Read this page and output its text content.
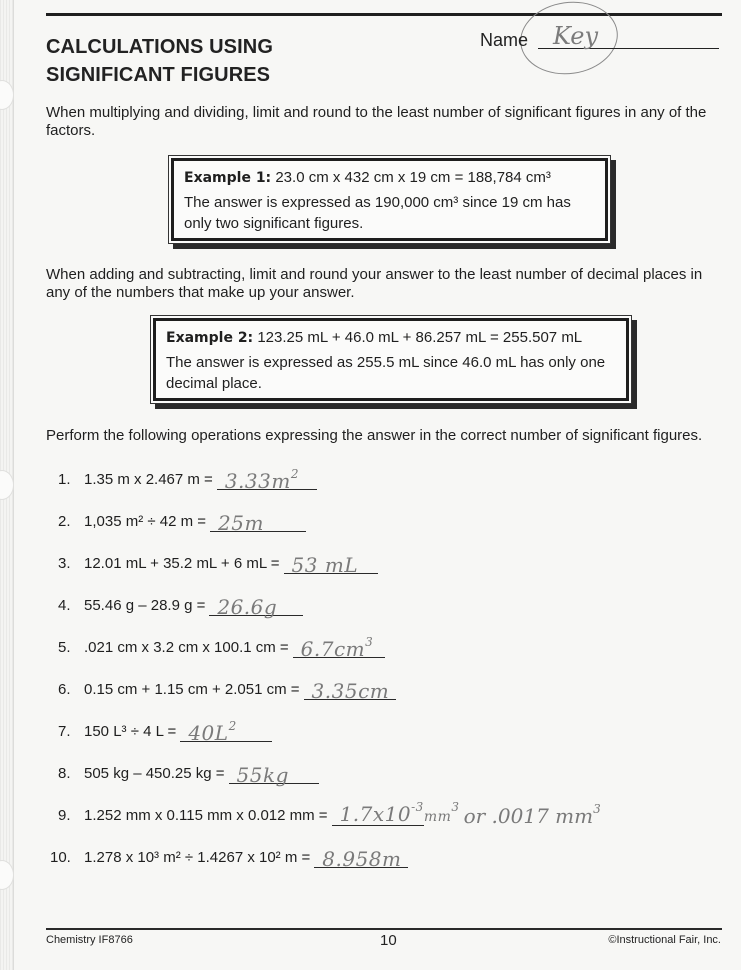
CALCULATIONS USING
SIGNIFICANT FIGURES
Name Key

When multiplying and dividing, limit and round to the least number of significant figures in any of the factors.

Example 1: 23.0 cm x 432 cm x 19 cm = 188,784 cm³
The answer is expressed as 190,000 cm³ since 19 cm has only two significant figures.

When adding and subtracting, limit and round your answer to the least number of decimal places in any of the numbers that make up your answer.

Example 2: 123.25 mL + 46.0 mL + 86.257 mL = 255.507 mL
The answer is expressed as 255.5 mL since 46.0 mL has only one decimal place.

Perform the following operations expressing the answer in the correct number of significant figures.

1. 1.35 m x 2.467 $m = 3.33m^2$
2. 1,035 m² ÷ 42 m = 25m
3. 12.01 mL + 35.2 mL + 6 mL = 53 mL
4. 55.46 g – 28.9 g = 26.6g
5. .021 cm x 3.2 cm x 100.1 cm = $6.7cm^3$
6. 0.15 cm + 1.15 cm + 2.051 cm = 3.35cm
7. 150 L³ ÷ 4 $L = 40L^2$
8. 505 kg – 450.25 kg = 55kg
9. 1.252 mm x 0.115 mm x 0.012 mm = $1.7x10^{-3}mm^3$ or .0017 $mm^3$
10. 1.278 x 10³ m² ÷ 1.4267 x 10² m = 8.958m
Chemistry IF8766	10	©Instructional Fair, Inc.
